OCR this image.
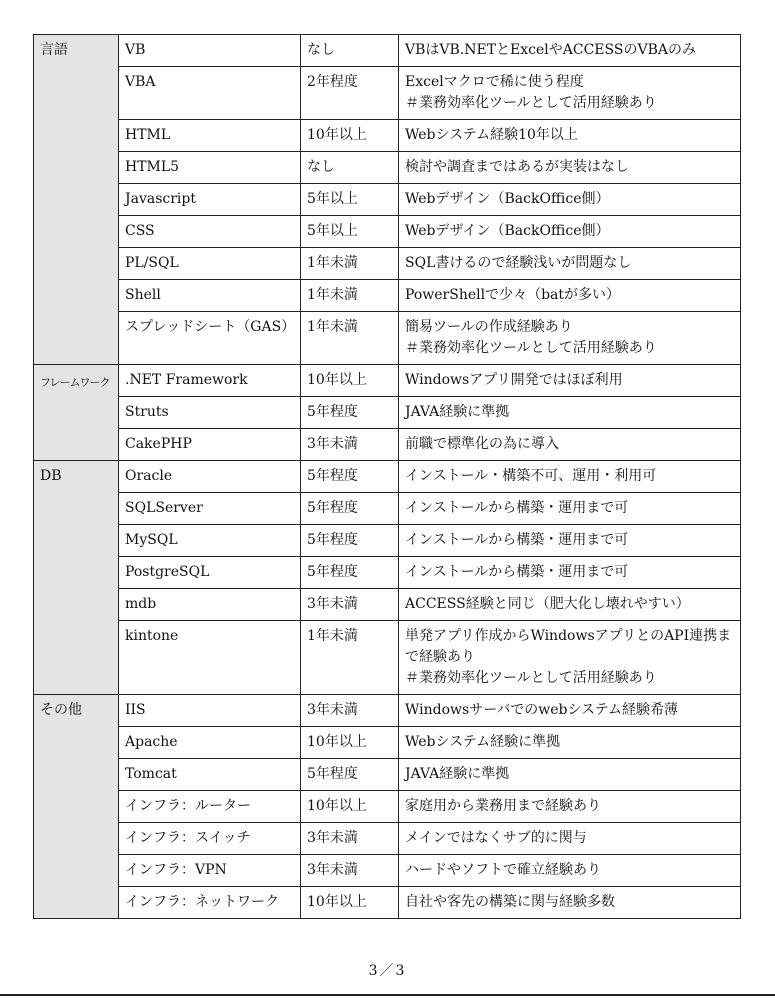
言語	VB	なし	VBはVB.NETとExcelやACCESSのVBAのみ

	VBA	2年程度	Excelマクロで稀に使う程度
＃業務効率化ツールとして活用経験あり

	HTML	10年以上	Webシステム経験10年以上

	HTML5	なし	検討や調査まではあるが実装はなし

	Javascript	5年以上	Webデザイン（BackOffice側）

	CSS	5年以上	Webデザイン（BackOffice側）

	PL/SQL	1年未満	SQL書けるので経験浅いが問題なし

	Shell	1年未満	PowerShellで少々（batが多い）

	スプレッドシート（GAS）	1年未満	簡易ツールの作成経験あり
＃業務効率化ツールとして活用経験あり

フレームワーク	.NET Framework	10年以上	Windowsアプリ開発ではほぼ利用

	Struts	5年程度	JAVA経験に準拠

	CakePHP	3年未満	前職で標準化の為に導入

DB	Oracle	5年程度	インストール・構築不可、運用・利用可

	SQLServer	5年程度	インストールから構築・運用まで可

	MySQL	5年程度	インストールから構築・運用まで可

	PostgreSQL	5年程度	インストールから構築・運用まで可

	mdb	3年未満	ACCESS経験と同じ（肥大化し壊れやすい）

	kintone	1年未満	単発アプリ作成からWindowsアプリとのAPI連携ま
で経験あり
＃業務効率化ツールとして活用経験あり

その他	IIS	3年未満	Windowsサーバでのwebシステム経験希薄

	Apache	10年以上	Webシステム経験に準拠

	Tomcat	5年程度	JAVA経験に準拠

	インフラ：ルーター	10年以上	家庭用から業務用まで経験あり

	インフラ：スイッチ	3年未満	メインではなくサブ的に関与

	インフラ：VPN	3年未満	ハードやソフトで確立経験あり

	インフラ：ネットワーク	10年以上	自社や客先の構築に関与経験多数
3／3
